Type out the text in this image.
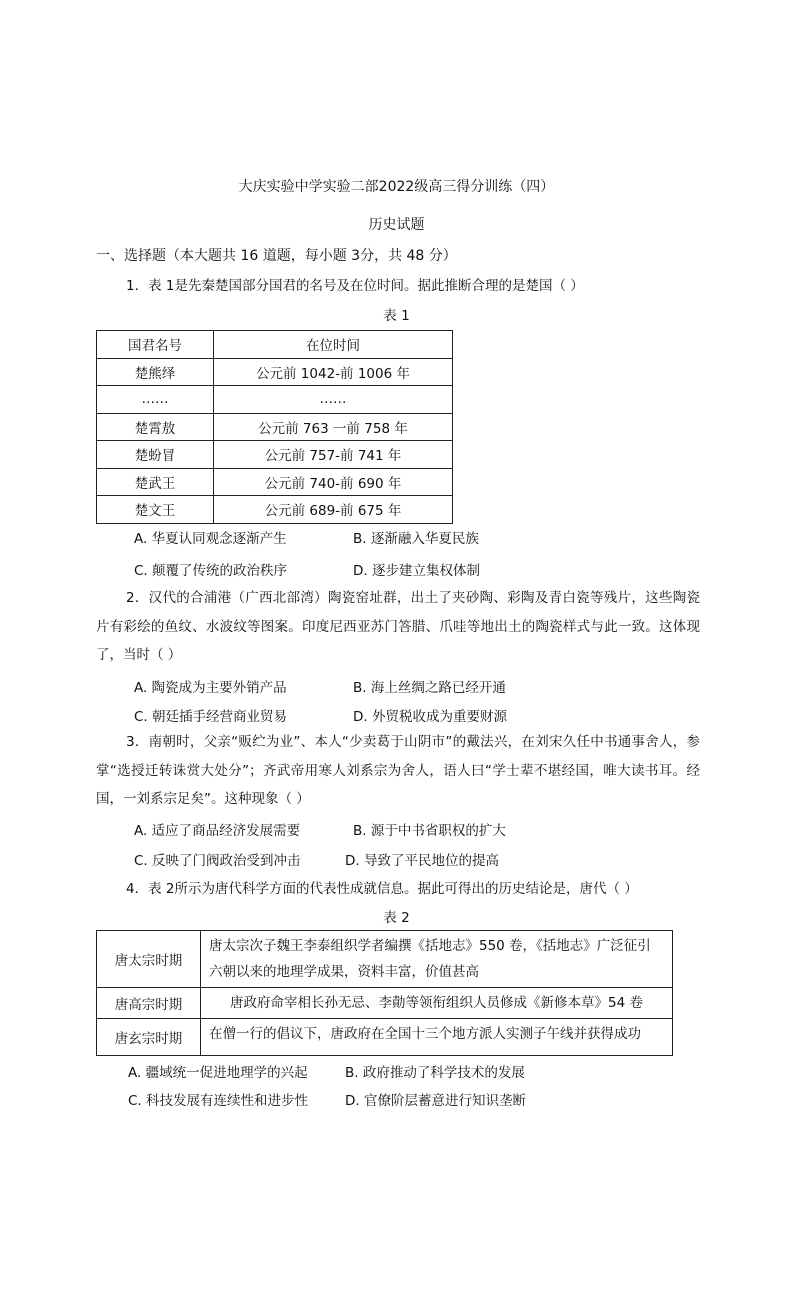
大庆实验中学实验二部2022级高三得分训练（四）
历史试题
一、选择题（本大题共 16 道题，每小题 3分，共 48 分）
1．表 1是先秦楚国部分国君的名号及在位时间。据此推断合理的是楚国（ ）
表 1
国君名号	在位时间
楚熊绎	公元前 1042-前 1006 年
……	……
楚霄敖	公元前 763 一前 758 年
楚蚡冒	公元前 757-前 741 年
楚武王	公元前 740-前 690 年
楚文王	公元前 689-前 675 年
A. 华夏认同观念逐渐产生	B. 逐渐融入华夏民族
C. 颠覆了传统的政治秩序	D. 逐步建立集权体制
2．汉代的合浦港（广西北部湾）陶瓷窑址群，出土了夹砂陶、彩陶及青白瓷等残片，这些陶瓷片有彩绘的鱼纹、水波纹等图案。印度尼西亚苏门答腊、爪哇等地出土的陶瓷样式与此一致。这体现了，当时（ ）
A. 陶瓷成为主要外销产品	B. 海上丝绸之路已经开通
C. 朝廷插手经营商业贸易	D. 外贸税收成为重要财源
3．南朝时，父亲“贩纻为业”、本人“少卖葛于山阴市”的戴法兴，在刘宋久任中书通事舍人，参掌“选授迁转诛赏大处分”；齐武帝用寒人刘系宗为舍人，语人曰“学士辈不堪经国，唯大读书耳。经国，一刘系宗足矣”。这种现象（ ）
A. 适应了商品经济发展需要	B. 源于中书省职权的扩大
C. 反映了门阀政治受到冲击	D. 导致了平民地位的提高
4．表 2所示为唐代科学方面的代表性成就信息。据此可得出的历史结论是，唐代（ ）
表 2
唐太宗时期	唐太宗次子魏王李泰组织学者编撰《括地志》550 卷，《括地志》广泛征引六朝以来的地理学成果，资料丰富，价值甚高
唐高宗时期	唐政府命宰相长孙无忌、李勣等领衔组织人员修成《新修本草》54 卷
唐玄宗时期	在僧一行的倡议下，唐政府在全国十三个地方派人实测子午线并获得成功
A. 疆域统一促进地理学的兴起	B. 政府推动了科学技术的发展
C. 科技发展有连续性和进步性	D. 官僚阶层蓄意进行知识垄断
